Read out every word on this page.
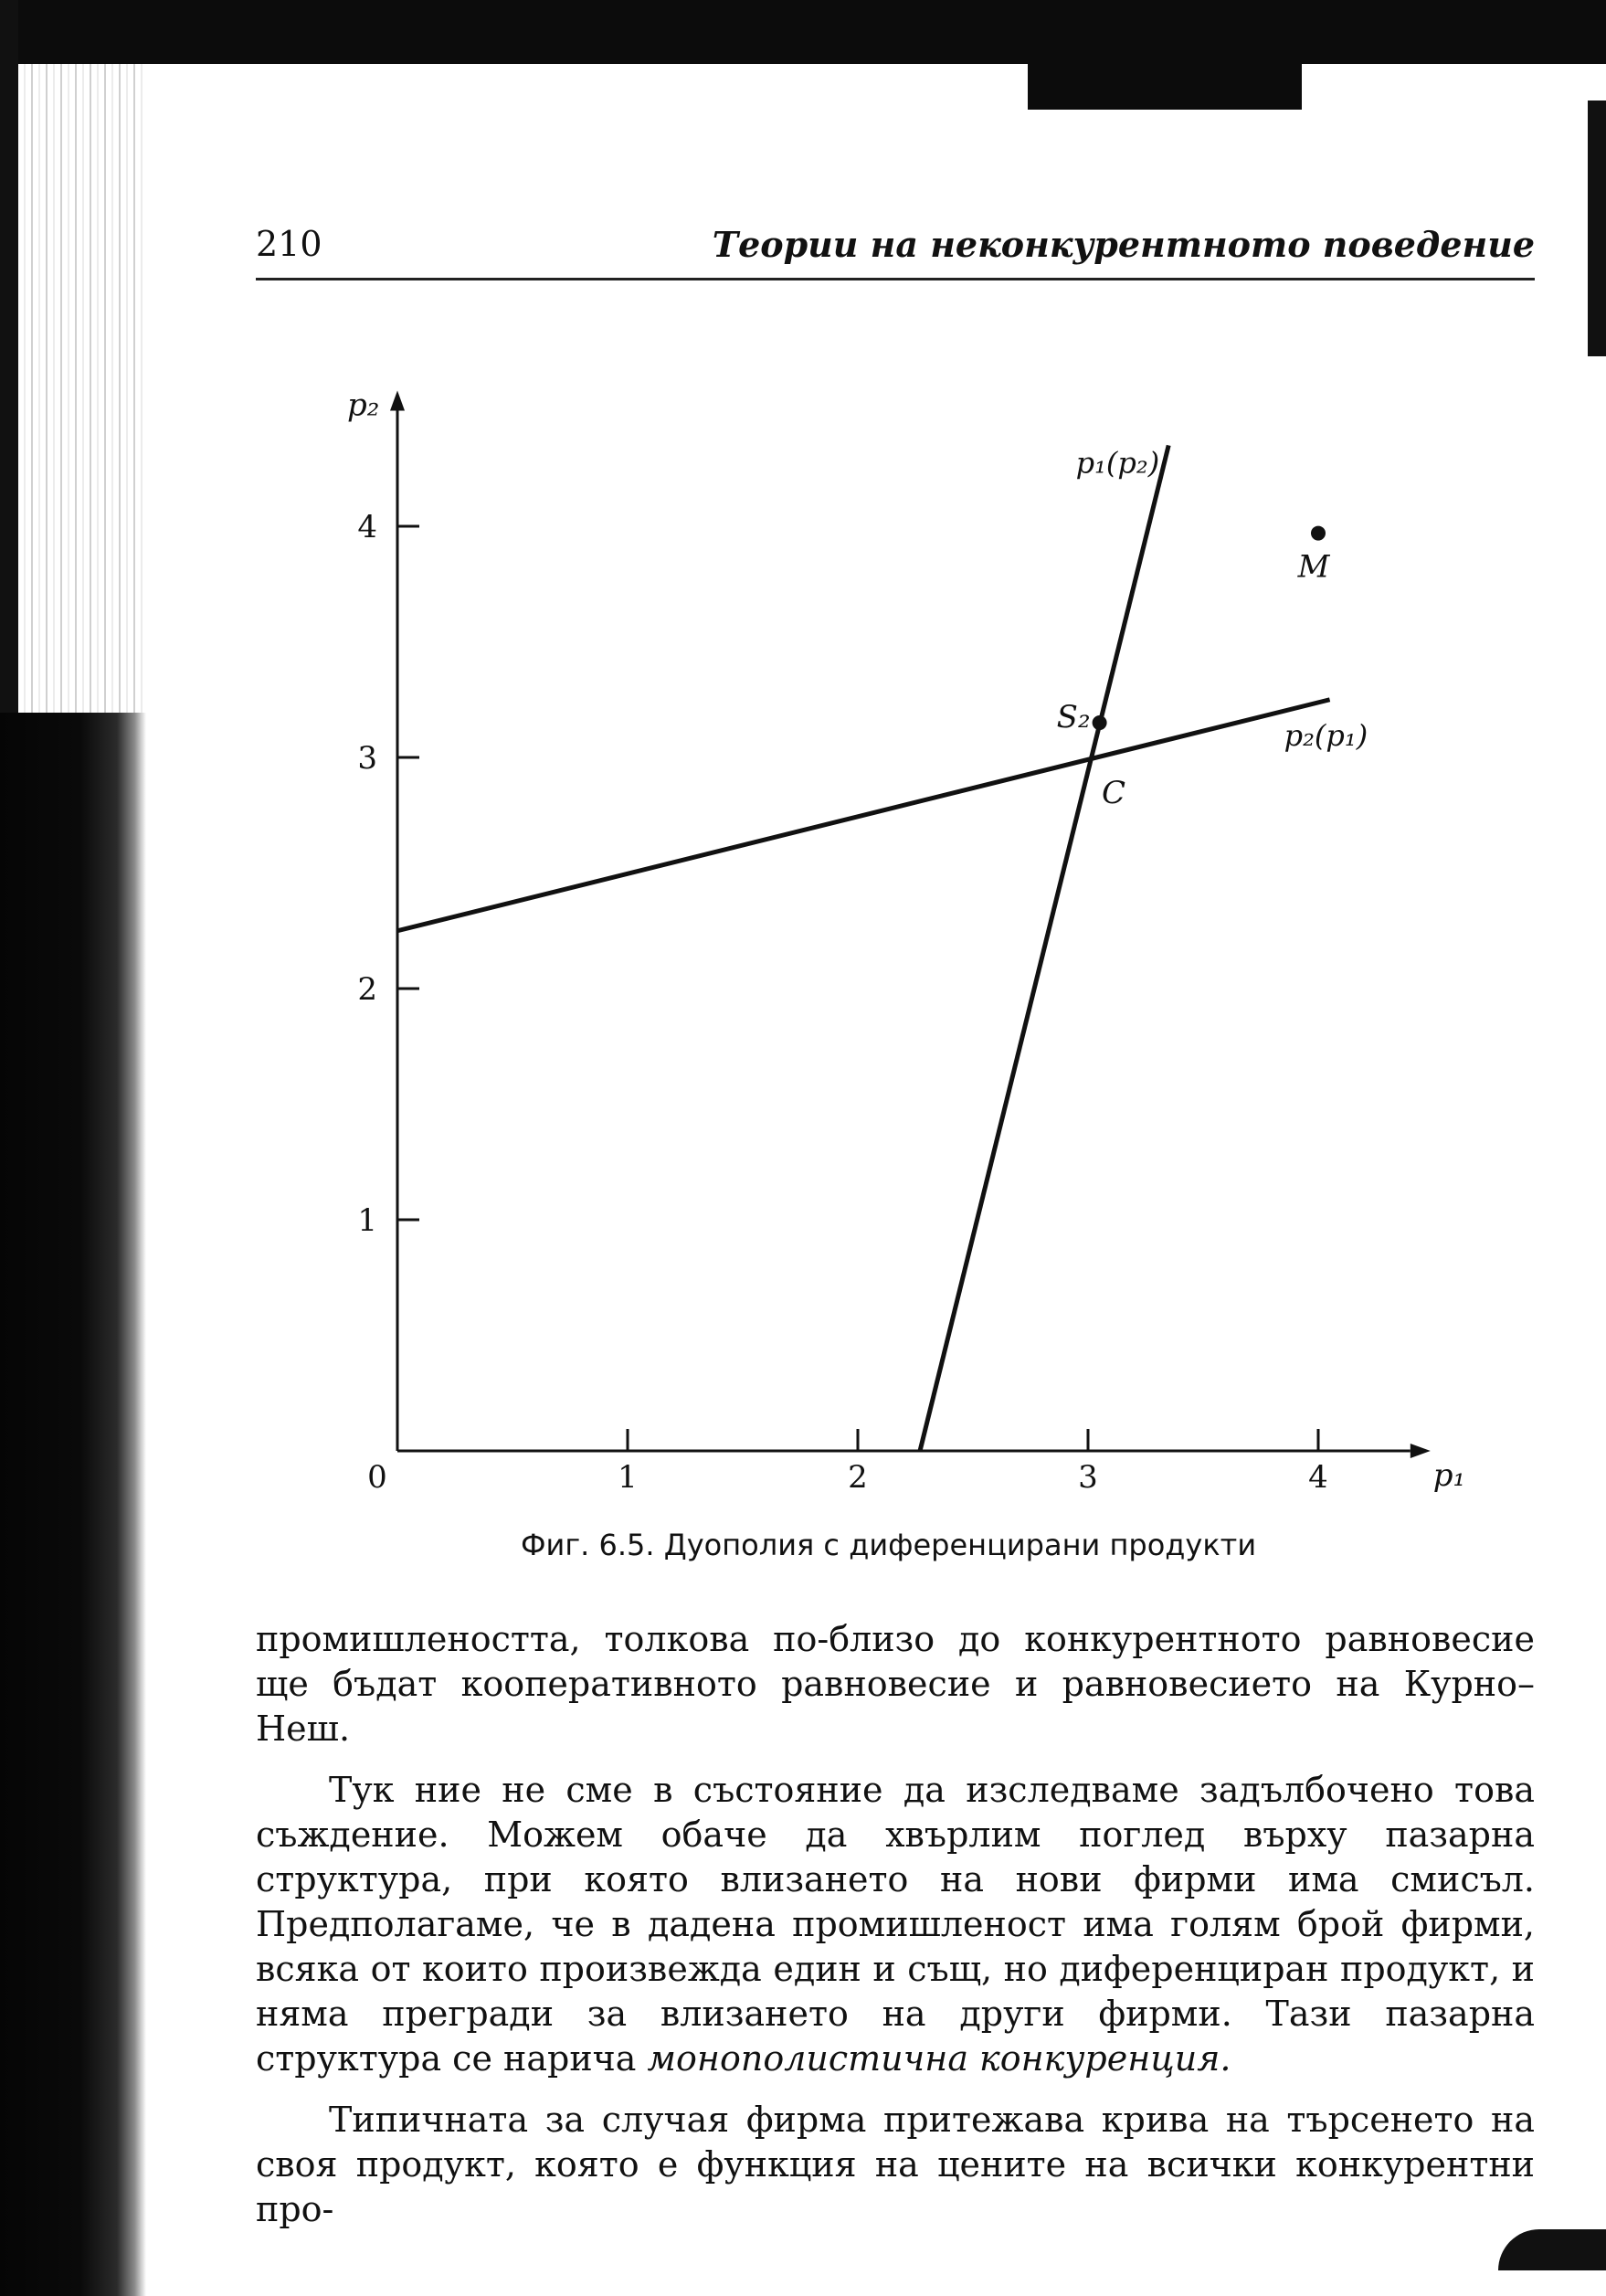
210	Теории на неконкурентното поведение
p₁
p₂
0	1	2	3	4
1
2
3
4
p₁(p₂)
p₂(p₁)
S₂
C
M
Фиг. 6.5. Дуополия с диференцирани продукти

промишлеността, толкова по-близо до конкурентното равновесие ще бъдат кооперативното равновесие и равновесието на Курно–Неш.

Тук ние не сме в състояние да изследваме задълбочено това съждение. Можем обаче да хвърлим поглед върху пазарна структура, при която влизането на нови фирми има смисъл. Предполагаме, че в дадена промишленост има голям брой фирми, всяка от които произвежда един и същ, но диференциран продукт, и няма прегради за влизането на други фирми. Тази пазарна структура се нарича монополистична конкуренция.

Типичната за случая фирма притежава крива на търсенето на своя продукт, която е функция на цените на всички конкурентни про-
